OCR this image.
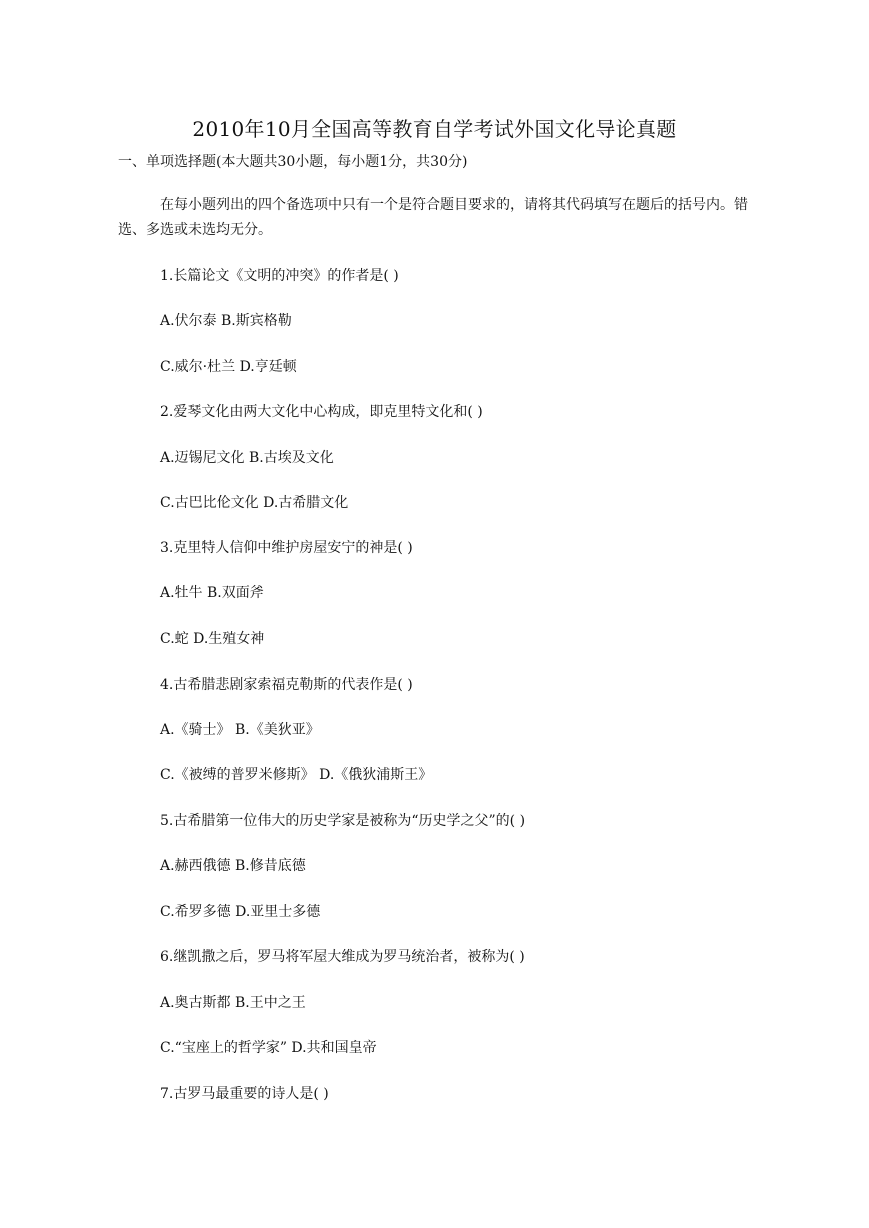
2010年10月全国高等教育自学考试外国文化导论真题
一、单项选择题(本大题共30小题，每小题1分，共30分)
在每小题列出的四个备选项中只有一个是符合题目要求的，请将其代码填写在题后的括号内。错选、多选或未选均无分。
1.长篇论文《文明的冲突》的作者是( )
A.伏尔泰 B.斯宾格勒
C.威尔·杜兰 D.亨廷顿
2.爱琴文化由两大文化中心构成，即克里特文化和( )
A.迈锡尼文化 B.古埃及文化
C.古巴比伦文化 D.古希腊文化
3.克里特人信仰中维护房屋安宁的神是( )
A.牡牛 B.双面斧
C.蛇 D.生殖女神
4.古希腊悲剧家索福克勒斯的代表作是( )
A.《骑士》 B.《美狄亚》
C.《被缚的普罗米修斯》 D.《俄狄浦斯王》
5.古希腊第一位伟大的历史学家是被称为“历史学之父”的( )
A.赫西俄德 B.修昔底德
C.希罗多德 D.亚里士多德
6.继凯撒之后，罗马将军屋大维成为罗马统治者，被称为( )
A.奥古斯都 B.王中之王
C.“宝座上的哲学家” D.共和国皇帝
7.古罗马最重要的诗人是( )
